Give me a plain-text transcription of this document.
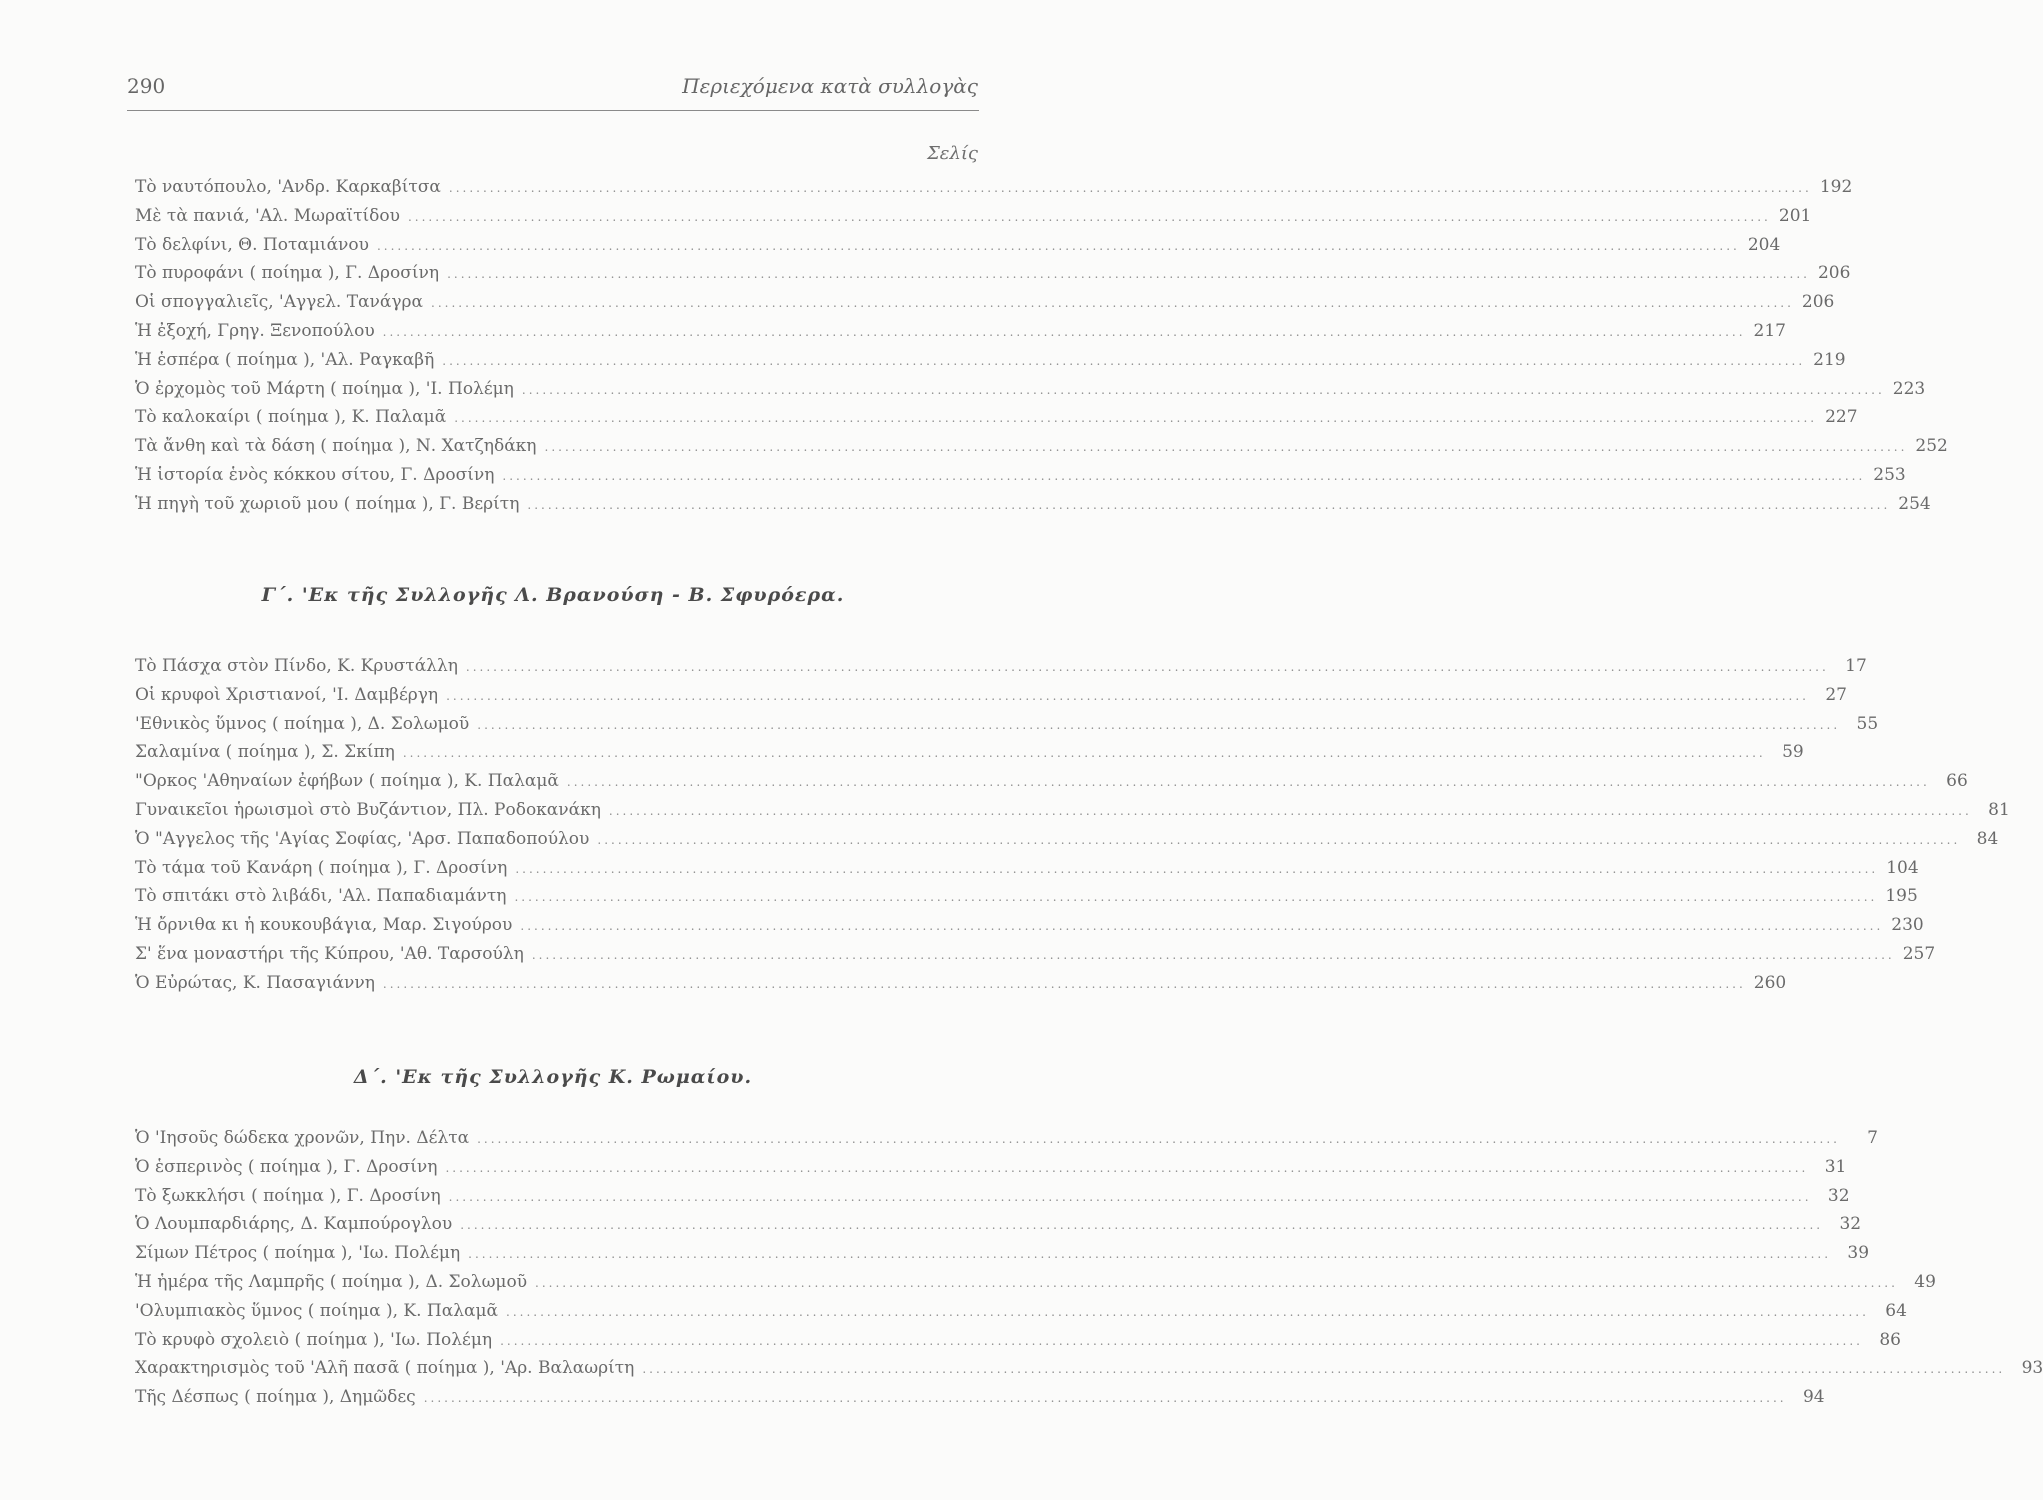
290	Περιεχόμενα κατὰ συλλογὰς
Σελίς
Τὸ ναυτόπουλο, 'Ανδρ. Καρκαβίτσα ........................................................................................................................................................................................................ 192
Μὲ τὰ πανιά, 'Αλ. Μωραϊτίδου ........................................................................................................................................................................................................ 201
Τὸ δελφίνι, Θ. Ποταμιάνου ........................................................................................................................................................................................................ 204
Τὸ πυροφάνι ( ποίημα ), Γ. Δροσίνη ........................................................................................................................................................................................................ 206
Οἱ σπογγαλιεῖς, 'Αγγελ. Τανάγρα ........................................................................................................................................................................................................ 206
Ἡ ἐξοχή, Γρηγ. Ξενοπούλου ........................................................................................................................................................................................................ 217
Ἡ ἑσπέρα ( ποίημα ), 'Αλ. Ραγκαβῆ ........................................................................................................................................................................................................ 219
Ὁ ἐρχομὸς τοῦ Μάρτη ( ποίημα ), 'Ι. Πολέμη ........................................................................................................................................................................................................ 223
Τὸ καλοκαίρι ( ποίημα ), Κ. Παλαμᾶ ........................................................................................................................................................................................................ 227
Τὰ ἄνθη καὶ τὰ δάση ( ποίημα ), Ν. Χατζηδάκη ........................................................................................................................................................................................................ 252
Ἡ ἱστορία ἑνὸς κόκκου σίτου, Γ. Δροσίνη ........................................................................................................................................................................................................ 253
Ἡ πηγὴ τοῦ χωριοῦ μου ( ποίημα ), Γ. Βερίτη ........................................................................................................................................................................................................ 254
Γ΄. 'Εκ τῆς Συλλογῆς Λ. Βρανούση - Β. Σφυρόερα.
Τὸ Πάσχα στὸν Πίνδο, Κ. Κρυστάλλη ........................................................................................................................................................................................................ 17
Οἱ κρυφοὶ Χριστιανοί, 'Ι. Δαμβέργη ........................................................................................................................................................................................................ 27
'Εθνικὸς ὕμνος ( ποίημα ), Δ. Σολωμοῦ ........................................................................................................................................................................................................ 55
Σαλαμίνα ( ποίημα ), Σ. Σκίπη ........................................................................................................................................................................................................ 59
"Ορκος 'Αθηναίων ἐφήβων ( ποίημα ), Κ. Παλαμᾶ ........................................................................................................................................................................................................ 66
Γυναικεῖοι ἡρωισμοὶ στὸ Βυζάντιον, Πλ. Ροδοκανάκη ........................................................................................................................................................................................................ 81
Ὁ "Αγγελος τῆς 'Αγίας Σοφίας, 'Αρσ. Παπαδοπούλου ........................................................................................................................................................................................................ 84
Τὸ τάμα τοῦ Κανάρη ( ποίημα ), Γ. Δροσίνη ........................................................................................................................................................................................................ 104
Τὸ σπιτάκι στὸ λιβάδι, 'Αλ. Παπαδιαμάντη ........................................................................................................................................................................................................ 195
Ἡ ὄρνιθα κι ἡ κουκουβάγια, Μαρ. Σιγούρου ........................................................................................................................................................................................................ 230
Σ' ἕνα μοναστήρι τῆς Κύπρου, 'Αθ. Ταρσούλη ........................................................................................................................................................................................................ 257
Ὁ Εὐρώτας, Κ. Πασαγιάννη ........................................................................................................................................................................................................ 260
Δ΄. 'Εκ τῆς Συλλογῆς Κ. Ρωμαίου.
Ὁ 'Ιησοῦς δώδεκα χρονῶν, Πην. Δέλτα ........................................................................................................................................................................................................	7
Ὁ ἑσπερινὸς ( ποίημα ), Γ. Δροσίνη ........................................................................................................................................................................................................ 31
Τὸ ξωκκλήσι ( ποίημα ), Γ. Δροσίνη ........................................................................................................................................................................................................ 32
Ὁ Λουμπαρδιάρης, Δ. Καμπούρογλου ........................................................................................................................................................................................................ 32
Σίμων Πέτρος ( ποίημα ), 'Ιω. Πολέμη ........................................................................................................................................................................................................ 39
Ἡ ἡμέρα τῆς Λαμπρῆς ( ποίημα ), Δ. Σολωμοῦ ........................................................................................................................................................................................................ 49
'Ολυμπιακὸς ὕμνος ( ποίημα ), Κ. Παλαμᾶ ........................................................................................................................................................................................................ 64
Τὸ κρυφὸ σχολειὸ ( ποίημα ), 'Ιω. Πολέμη ........................................................................................................................................................................................................ 86
Χαρακτηρισμὸς τοῦ 'Αλῆ πασᾶ ( ποίημα ), 'Αρ. Βαλαωρίτη ........................................................................................................................................................................................................ 93
Τῆς Δέσπως ( ποίημα ), Δημῶδες ........................................................................................................................................................................................................ 94
